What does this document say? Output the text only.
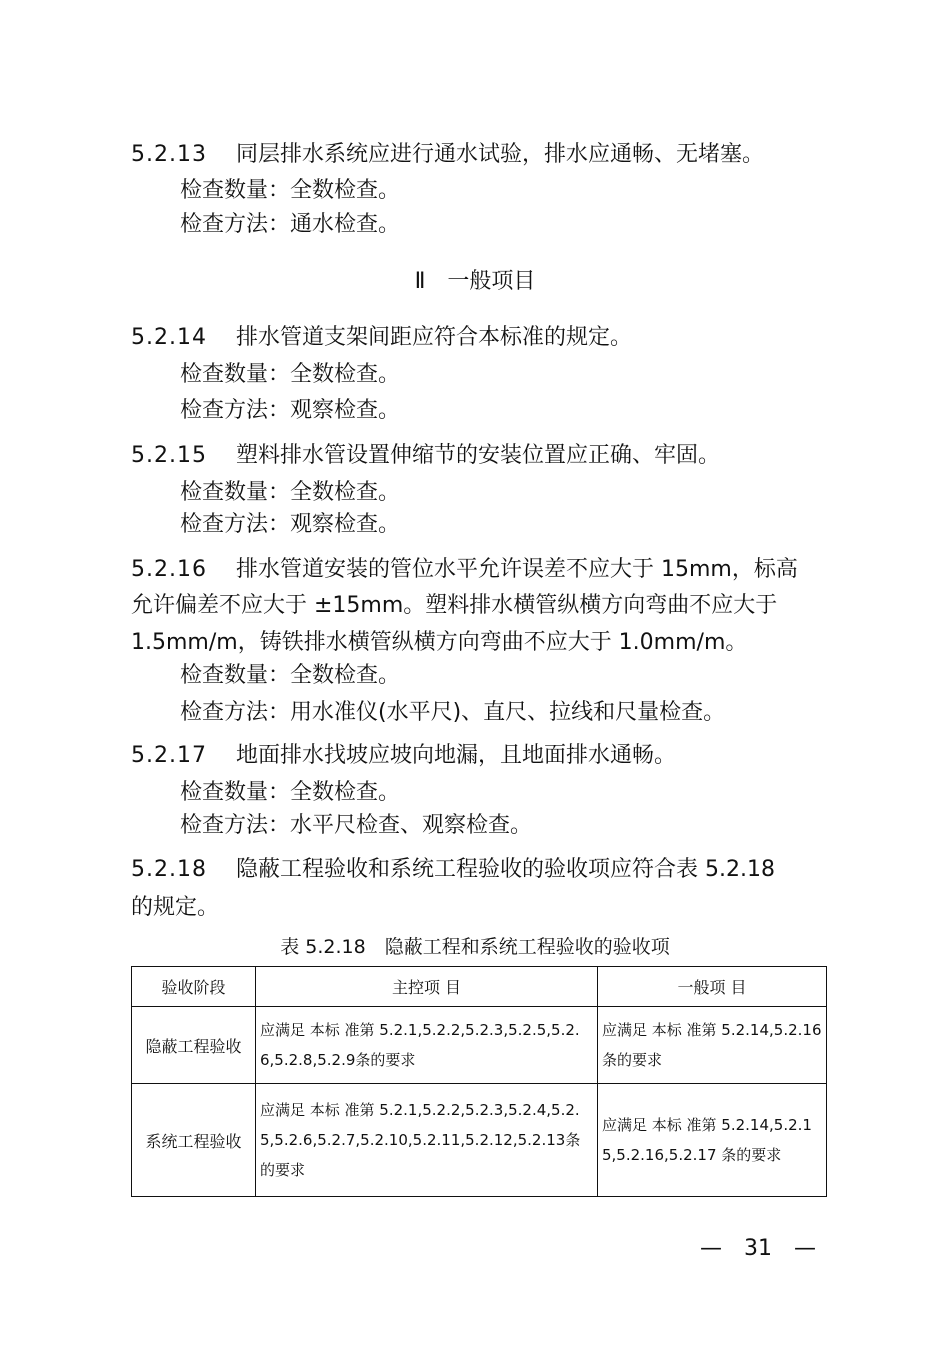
5.2.13　 同层排水系统应进行通水试验，排水应通畅、无堵塞。
检查数量：全数检查。
检查方法：通水检查。
Ⅱ　一般项目
5.2.14　 排水管道支架间距应符合本标准的规定。
检查数量：全数检查。
检查方法：观察检查。
5.2.15　 塑料排水管设置伸缩节的安装位置应正确、牢固。
检查数量：全数检查。
检查方法：观察检查。
5.2.16　 排水管道安装的管位水平允许误差不应大于 15mm，标高
允许偏差不应大于 ±15mm。塑料排水横管纵横方向弯曲不应大于
1.5mm/m，铸铁排水横管纵横方向弯曲不应大于 1.0mm/m。
检查数量：全数检查。
检查方法：用水准仪(水平尺)、直尺、拉线和尺量检查。
5.2.17　 地面排水找坡应坡向地漏，且地面排水通畅。
检查数量：全数检查。
检查方法：水平尺检查、观察检查。
5.2.18　 隐蔽工程验收和系统工程验收的验收项应符合表 5.2.18
的规定。
表 5.2.18　隐蔽工程和系统工程验收的验收项
验收阶段	主控项 目	一般项 目
隐蔽工程验收	应满足 本标 准第 5.2.1,5.2.2,5.2.3,5.2.5,5.2.6,5.2.8,5.2.9条的要求	应满足 本标 准第 5.2.14,5.2.16条的要求
系统工程验收	应满足 本标 准第 5.2.1,5.2.2,5.2.3,5.2.4,5.2.5,5.2.6,5.2.7,5.2.10,5.2.11,5.2.12,5.2.13条的要求	应满足 本标 准第 5.2.14,5.2.15,5.2.16,5.2.17 条的要求
—　31　—
